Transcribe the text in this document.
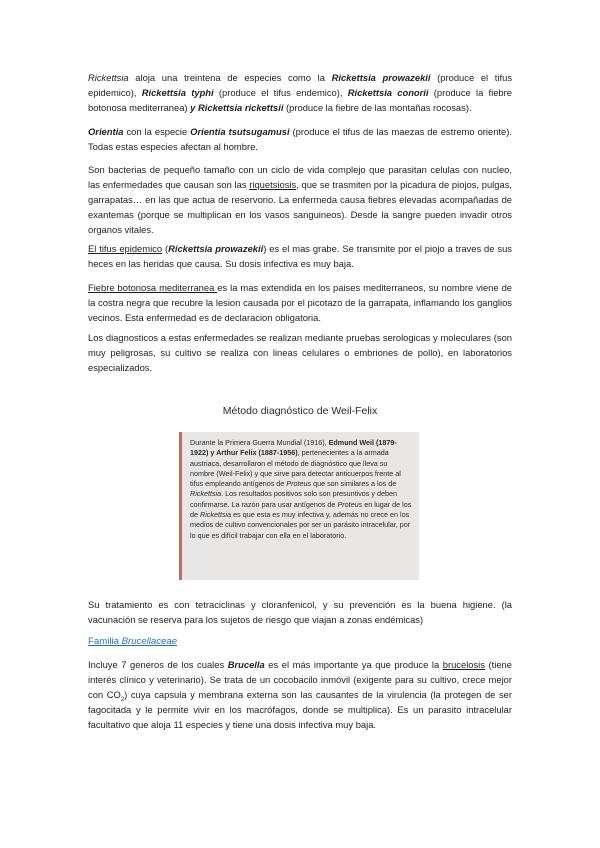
Rickettsia aloja una treintena de especies como la Rickettsia prowazekii (produce el tifus epidemico), Rickettsia typhi (produce el tifus endemico), Rickettsia conorii (produce la fiebre botonosa mediterranea) y Rickettsia rickettsii (produce la fiebre de las montañas rocosas).

Orientia con la especie Orientia tsutsugamusi (produce el tifus de las maezas de estremo oriente). Todas estas especies afectan al hombre.

Son bacterias de pequeño tamaño con un ciclo de vida complejo que parasitan celulas con nucleo, las enfermedades que causan son las riquetsiosis, que se trasmiten por la picadura de piojos, pulgas, garrapatas… en las que actua de reservorio. La enfermeda causa fiebres elevadas acompañadas de exantemas (porque se multiplican en los vasos sanguineos). Desde la sangre pueden invadir otros organos vitales.

El tifus epidemico (Rickettsia prowazekii) es el mas grabe. Se transmite por el piojo a traves de sus heces en las heridas que causa. Su dosis infectiva es muy baja.

Fiebre botonosa mediterranea es la mas extendida en los paises mediterraneos, su nombre viene de la costra negra que recubre la lesion causada por el picotazo de la garrapata, inflamando los ganglios vecinos. Esta enfermedad es de declaracion obligatoria.

Los diagnosticos a estas enfermedades se realizan mediante pruebas serologicas y moleculares (son muy peligrosas, su cultivo se realiza con lineas celulares o embriones de pollo), en laboratorios especializados.

Método diagnóstico de Weil-Felix

Durante la Primera Guerra Mundial (1916), Edmund Weil (1879-1922) y Arthur Felix (1887-1956), pertenecientes a la armada austriaca, desarrollaron el método de diagnóstico que lleva su nombre (Weil-Felix) y que sirve para detectar anticuerpos frente al tifus empleando antígenos de Proteus que son similares a los de Rickettsia. Los resultados positivos solo son presuntivos y deben confirmarse. La razón para usar antígenos de Proteus en lugar de los de Rickettsia es que esta es muy infectiva y, además no crece en los medios de cultivo convencionales por ser un parásito intracelular, por lo que es difícil trabajar con ella en el laboratorio.

Su tratamiento es con tetraciclinas y cloranfenicol, y su prevención es la buena higiene. (la vacunación se reserva para los sujetos de riesgo que viajan a zonas endémicas)

Familia Brucellaceae

Incluye 7 generos de los cuales Brucella es el más importante ya que produce la brucelosis (tiene interés clínico y veterinario). Se trata de un cocobacilo inmóvil (exigente para su cultivo, crece mejor con $CO_2$) cuya capsula y membrana externa son las causantes de la virulencia (la protegen de ser fagocitada y le permite vivir en los macrófagos, donde se multiplica). Es un parasito intracelular facultativo que aloja 11 especies y tiene una dosis infectiva muy baja.
